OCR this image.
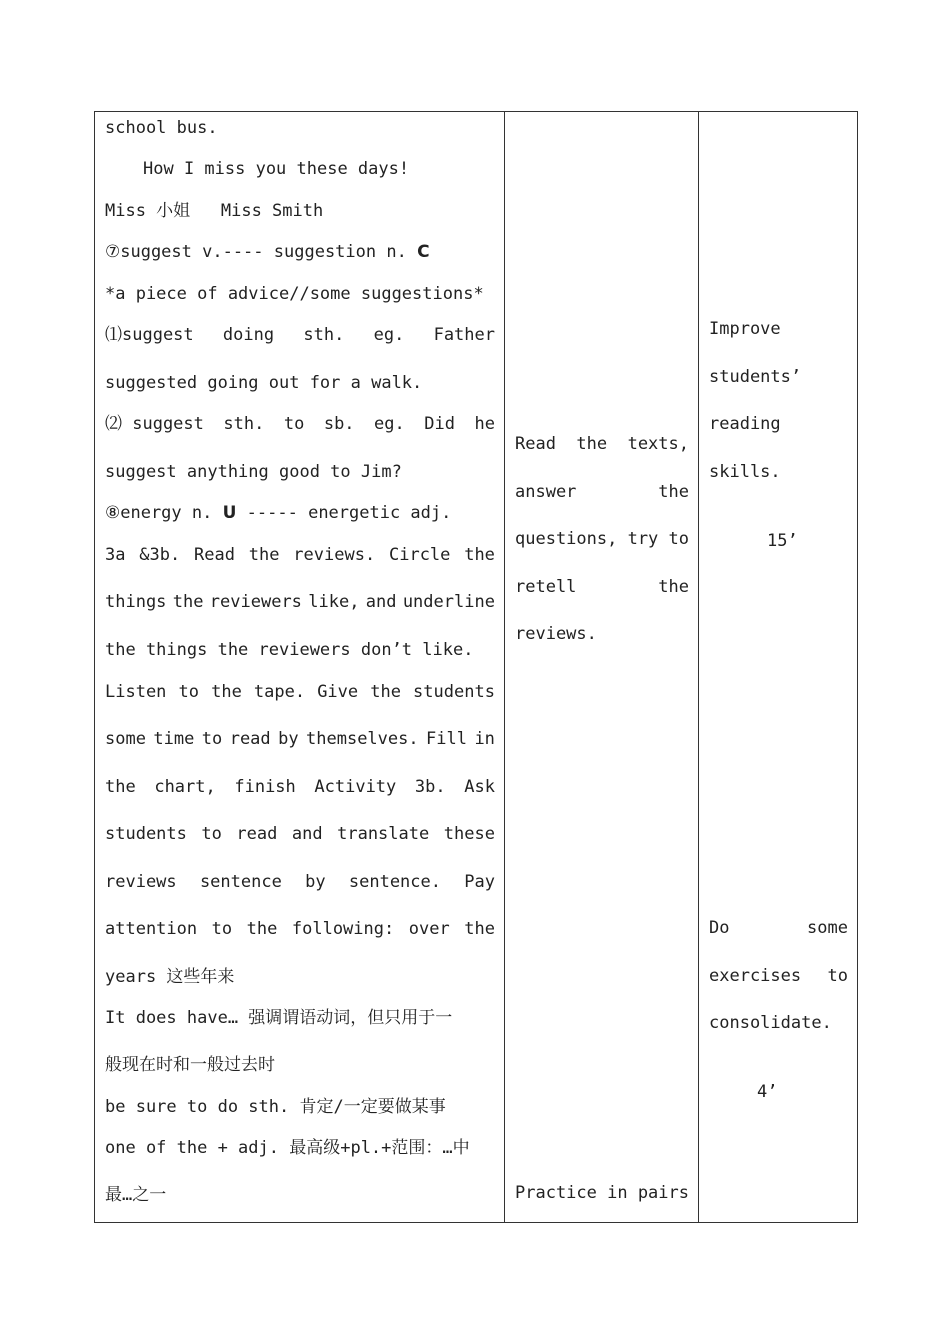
school bus.
How I miss you these days!
Miss 小姐   Miss Smith
⑦suggest v.---- suggestion n. C
*a piece of advice//some suggestions*
⑴suggest doing sth. eg. Father
suggested going out for a walk.
⑵ suggest sth. to sb. eg. Did he
suggest anything good to Jim?
⑧energy n. U ----- energetic adj.
3a &3b. Read the reviews. Circle the
things the reviewers like, and underline
the things the reviewers don’t like.
Listen to the tape. Give the students
some time to read by themselves. Fill in
the chart, finish Activity 3b. Ask
students to read and translate these
reviews sentence by sentence. Pay
attention to the following: over the
years 这些年来
It does have… 强调谓语动词，但只用于一
般现在时和一般过去时
be sure to do sth. 肯定/一定要做某事
one of the + adj. 最高级+pl.+范围：…中
最…之一

Read the texts,
answer	the
questions, try to
retell	the
reviews.
Practice in pairs

Improve
students’
reading
skills.
15’
Do	some
exercises to
consolidate.
4’
